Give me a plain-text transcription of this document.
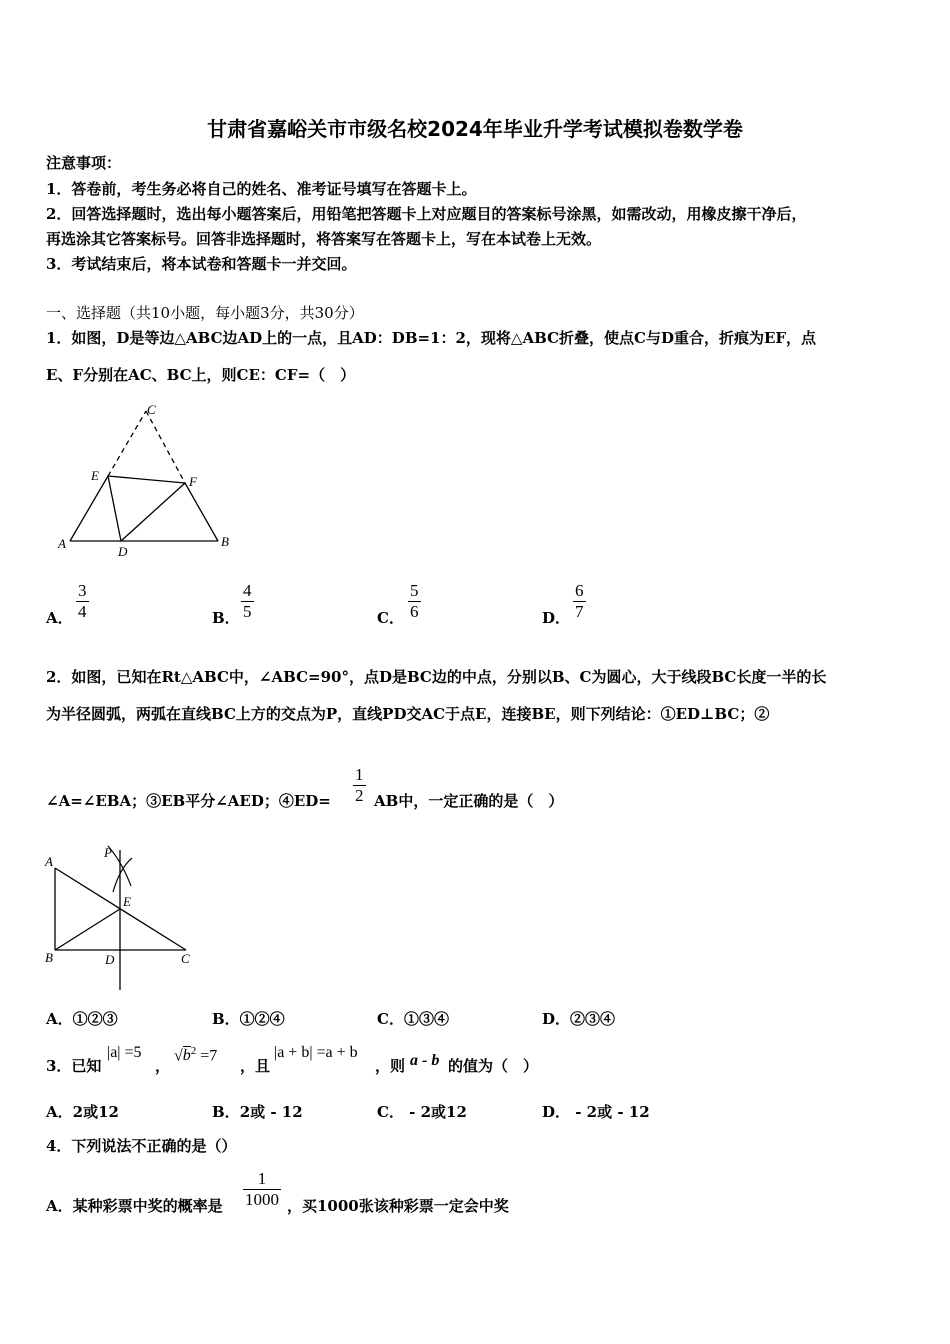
甘肃省嘉峪关市市级名校2024年毕业升学考试模拟卷数学卷
注意事项：
1．答卷前，考生务必将自己的姓名、准考证号填写在答题卡上。
2．回答选择题时，选出每小题答案后，用铅笔把答题卡上对应题目的答案标号涂黑，如需改动，用橡皮擦干净后，
再选涂其它答案标号。回答非选择题时，将答案写在答题卡上，写在本试卷上无效。
3．考试结束后，将本试卷和答题卡一并交回。
一、选择题（共10小题，每小题3分，共30分）
1．如图，D是等边△ABC边AD上的一点，且AD：DB=1：2，现将△ABC折叠，使点C与D重合，折痕为EF，点
E、F分别在AC、BC上，则CE：CF=（　）
A	B
C
D
E	F
A．
3
4	B．
4
5	C．
5
6	D．
6
7
2．如图，已知在Rt△ABC中，∠ABC=90°，点D是BC边的中点，分别以B、C为圆心，大于线段BC长度一半的长
为半径圆弧，两弧在直线BC上方的交点为P，直线PD交AC于点E，连接BE，则下列结论：①ED⊥BC；②
∠A=∠EBA；③EB平分∠AED；④ED=
1
2 AB中，一定正确的是（　）
A
P
E
B	D	C
A．①②③	B．①②④	C．①③④	D．②③④
3．已知
|a| =5
，
$√b^2 =7$
，且
|a + b| =a + b
，则 a - b 的值为（　）
A．2或12	B．2或 - 12	C． - 2或12	D． - 2或 - 12
4．下列说法不正确的是（）
A．某种彩票中奖的概率是
1
1000 ，买1000张该种彩票一定会中奖
